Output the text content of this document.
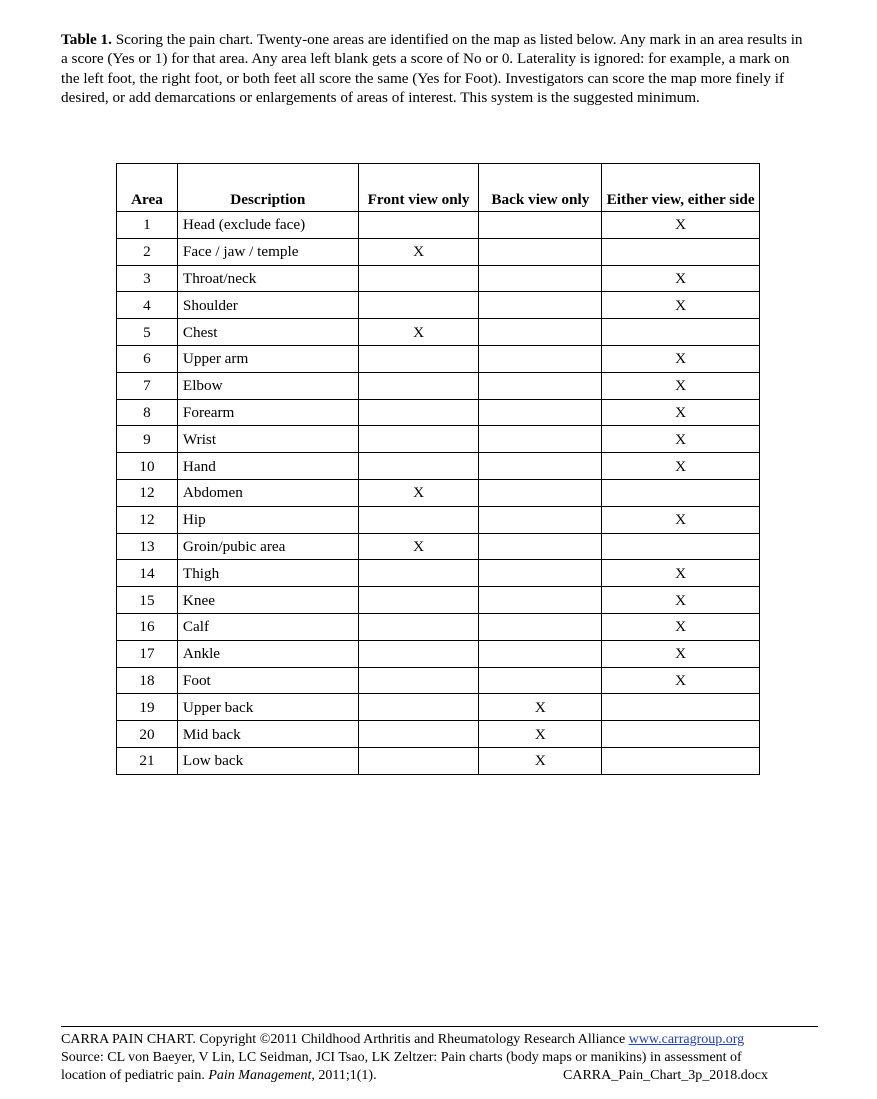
Table 1. Scoring the pain chart. Twenty-one areas are identified on the map as listed below. Any mark in an area results in a score (Yes or 1) for that area. Any area left blank gets a score of No or 0. Laterality is ignored: for example, a mark on the left foot, the right foot, or both feet all score the same (Yes for Foot). Investigators can score the map more finely if desired, or add demarcations or enlargements of areas of interest. This system is the suggested minimum.

Area	Description	Front view only	Back view only	Either view, either side
1	Head (exclude face)			X
2	Face / jaw / temple	X		
3	Throat/neck			X
4	Shoulder			X
5	Chest	X		
6	Upper arm			X
7	Elbow			X
8	Forearm			X
9	Wrist			X
10	Hand			X
12	Abdomen	X		
12	Hip			X
13	Groin/pubic area	X		
14	Thigh			X
15	Knee			X
16	Calf			X
17	Ankle			X
18	Foot			X
19	Upper back		X	
20	Mid back		X	
21	Low back		X	
CARRA PAIN CHART. Copyright ©2011 Childhood Arthritis and Rheumatology Research Alliance www.carragroup.org
Source: CL von Baeyer, V Lin, LC Seidman, JCI Tsao, LK Zeltzer: Pain charts (body maps or manikins) in assessment of
location of pediatric pain. Pain Management, 2011;1(1).	CARRA_Pain_Chart_3p_2018.docx
